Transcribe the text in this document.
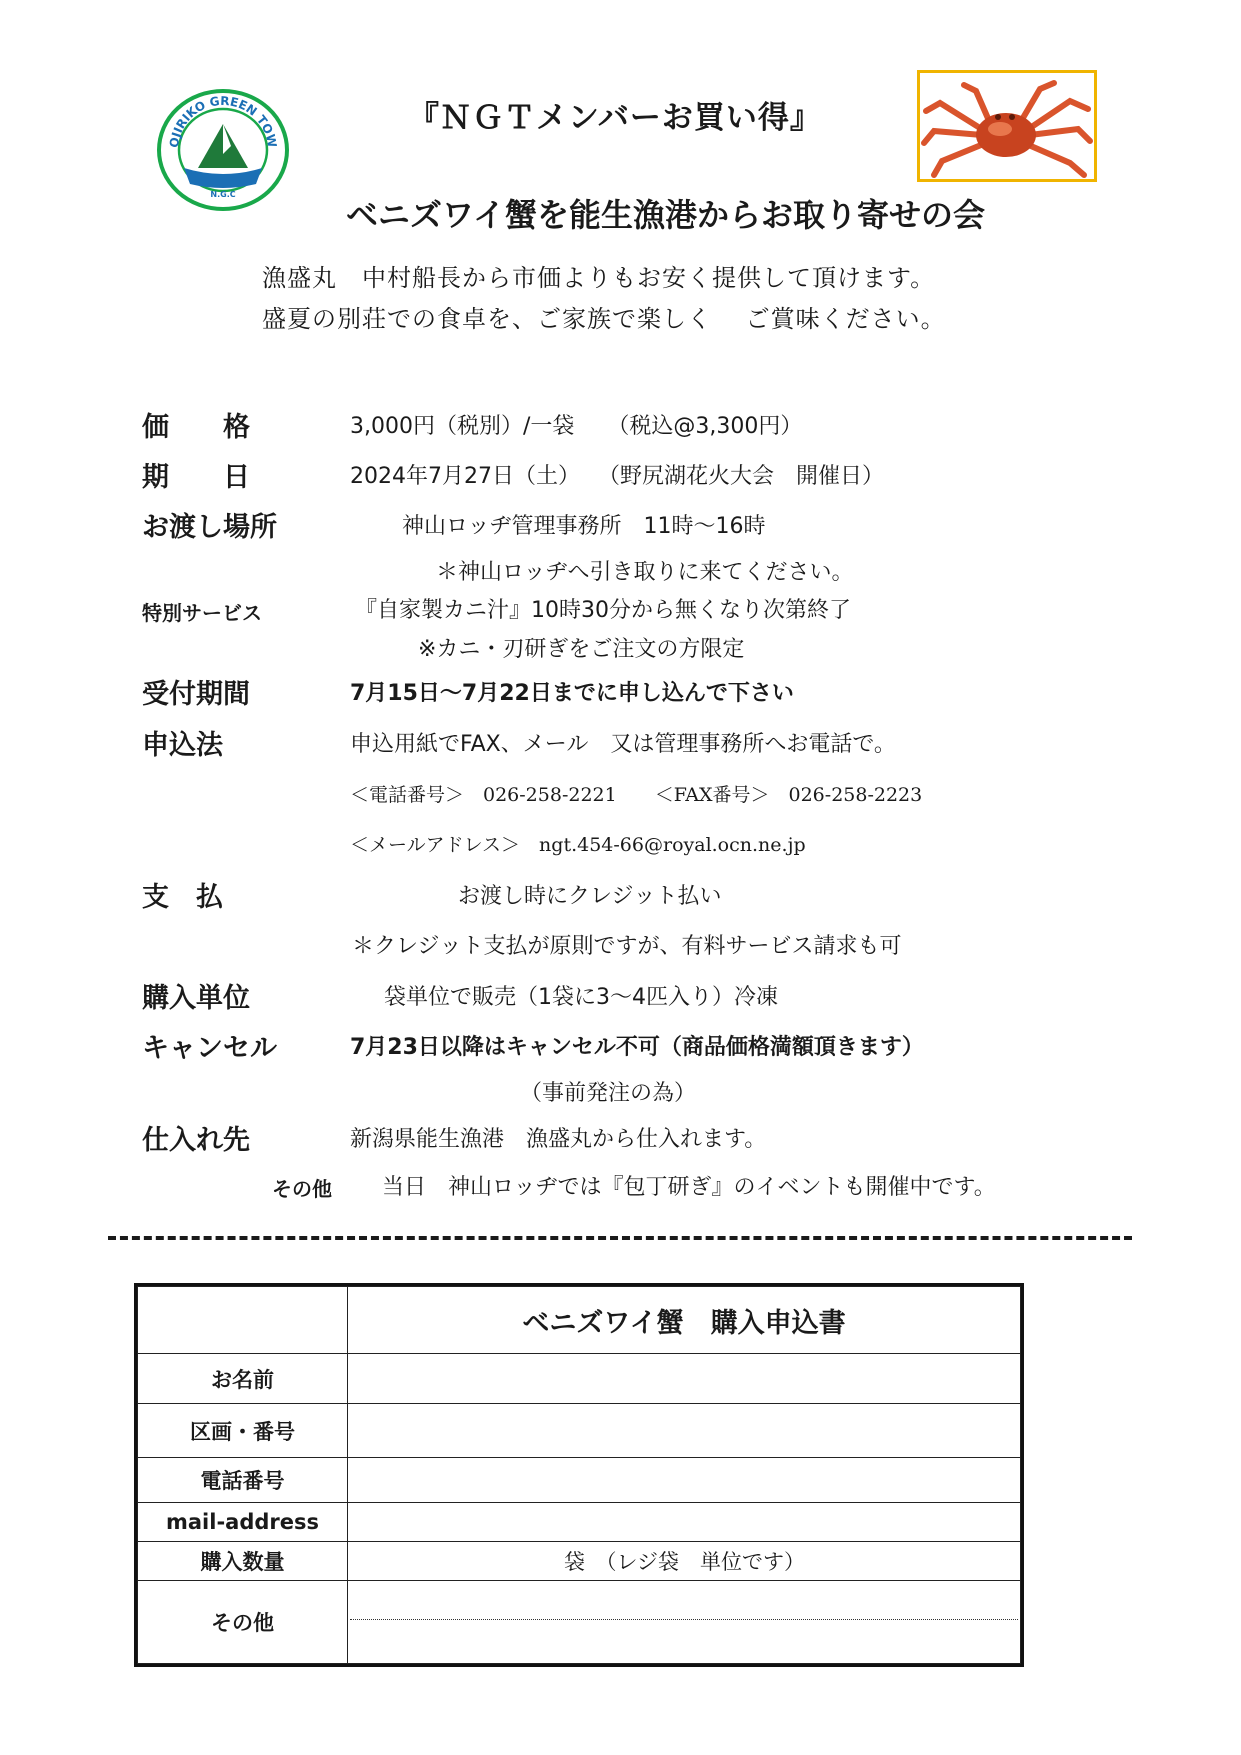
OJIRIKO GREEN TOW
N.G.C
『ＮＧＴメンバーお買い得』
ベニズワイ蟹を能生漁港からお取り寄せの会
漁盛丸　中村船長から市価よりもお安く提供して頂けます。
盛夏の別荘での食卓を、ご家族で楽しく　 ご賞味ください。
価　　格	3,000円（税別）/一袋　　（税込@3,300円）
期　　日	2024年7月27日（土）　 （野尻湖花火大会　開催日）
お渡し場所	神山ロッヂ管理事務所　11時〜16時
＊神山ロッヂへ引き取りに来てください。
特別サービス	『自家製カニ汁』10時30分から無くなり次第終了
※カニ・刃研ぎをご注文の方限定
受付期間	7月15日〜7月22日までに申し込んで下さい
申込法	申込用紙でFAX、メール　又は管理事務所へお電話で。
＜電話番号＞　026-258-2221　　＜FAX番号＞　026-258-2223
＜メールアドレス＞　ngt.454-66@royal.ocn.ne.jp
支　払	お渡し時にクレジット払い
＊クレジット支払が原則ですが、有料サービス請求も可
購入単位	袋単位で販売（1袋に3〜4匹入り）冷凍
キャンセル	7月23日以降はキャンセル不可（商品価格満額頂きます）
（事前発注の為）
仕入れ先	新潟県能生漁港　漁盛丸から仕入れます。
その他 当日　神山ロッヂでは『包丁研ぎ』のイベントも開催中です。
	ベニズワイ蟹　購入申込書
お名前	
区画・番号	
電話番号	
mail-address	
購入数量	袋　（レジ袋　単位です）
その他	
